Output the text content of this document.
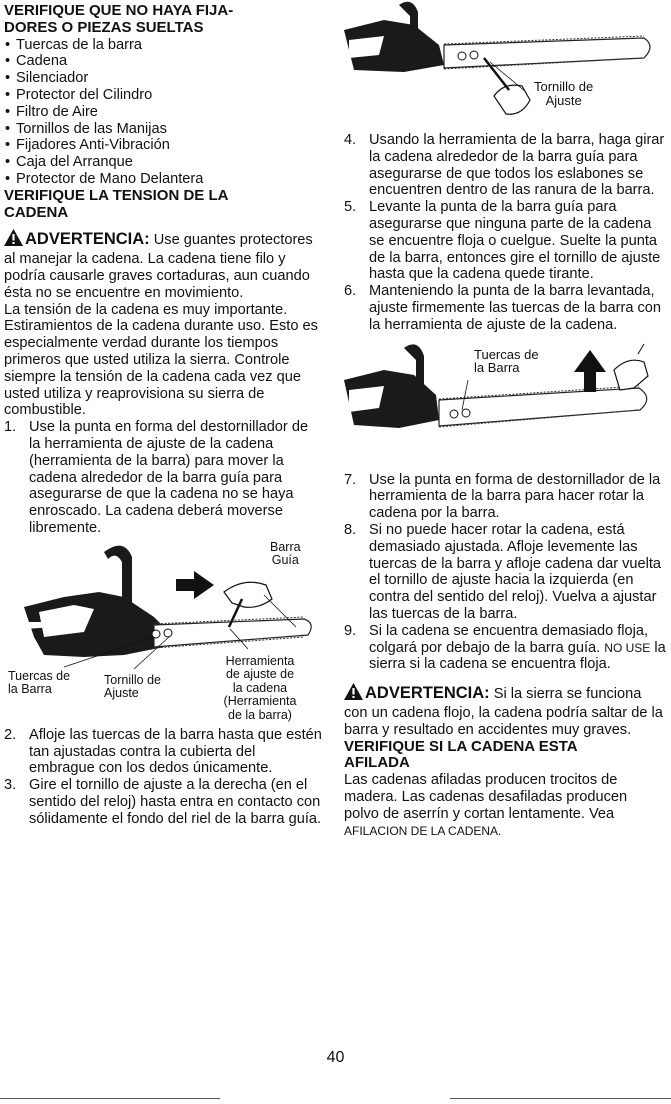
VERIFIQUE QUE NO HAYA FIJA-
DORES O PIEZAS SUELTAS
• Tuercas de la barra
• Cadena
• Silenciador
• Protector del Cilindro
• Filtro de Aire
• Tornillos de las Manijas
• Fijadores Anti-Vibración
• Caja del Arranque
• Protector de Mano Delantera
VERIFIQUE LA TENSION DE LA
CADENA

ADVERTENCIA: Use guantes protectores al manejar la cadena. La cadena tiene filo y podría causarle graves cortaduras, aun cuando ésta no se encuentre en movimiento.

La tensión de la cadena es muy importante. Estiramientos de la cadena durante uso. Esto es especialmente verdad durante los tiempos primeros que usted utiliza la sierra. Controle siempre la tensión de la cadena cada vez que usted utiliza y reaprovisiona su sierra de combustible.

1. Use la punta en forma del destornillador de la herramienta de ajuste de la cadena (herramienta de la barra) para mover la cadena alrededor de la barra guía para asegurarse de que la cadena no se haya enroscado. La cadena deberá moverse libremente.
Barra
Guía
Tuercas de
la Barra
Tornillo de
Ajuste
Herramienta
de ajuste de
la cadena
(Herramienta
de la barra)
2. Afloje las tuercas de la barra hasta que estén tan ajustadas contra la cubierta del embrague con los dedos únicamente.
3. Gire el tornillo de ajuste a la derecha (en el sentido del reloj) hasta entra en contacto con sólidamente el fondo del riel de la barra guía.
Tornillo de
Ajuste
4. Usando la herramienta de la barra, haga girar la cadena alrededor de la barra guía para asegurarse de que todos los eslabones se encuentren dentro de las ranura de la barra.
5. Levante la punta de la barra guía para asegurarse que ninguna parte de la cadena se encuentre floja o cuelgue. Suelte la punta de la barra, entonces gire el tornillo de ajuste hasta que la cadena quede tirante.
6. Manteniendo la punta de la barra levantada, ajuste firmemente las tuercas de la barra con la herramienta de ajuste de la cadena.
Tuercas de
la Barra
7. Use la punta en forma de destornillador de la herramienta de la barra para hacer rotar la cadena por la barra.
8. Si no puede hacer rotar la cadena, está demasiado ajustada. Afloje levemente las tuercas de la barra y afloje cadena dar vuelta el tornillo de ajuste hacia la izquierda (en contra del sentido del reloj). Vuelva a ajustar las tuercas de la barra.
9. Si la cadena se encuentra demasiado floja, colgará por debajo de la barra guía. NO USE la sierra si la cadena se encuentra floja.

ADVERTENCIA: Si la sierra se funciona con un cadena flojo, la cadena podría saltar de la barra y resultado en accidentes muy graves.

VERIFIQUE SI LA CADENA ESTA
AFILADA

Las cadenas afiladas producen trocitos de madera. Las cadenas desafiladas producen polvo de aserrín y cortan lentamente. Vea AFILACION DE LA CADENA.

40
